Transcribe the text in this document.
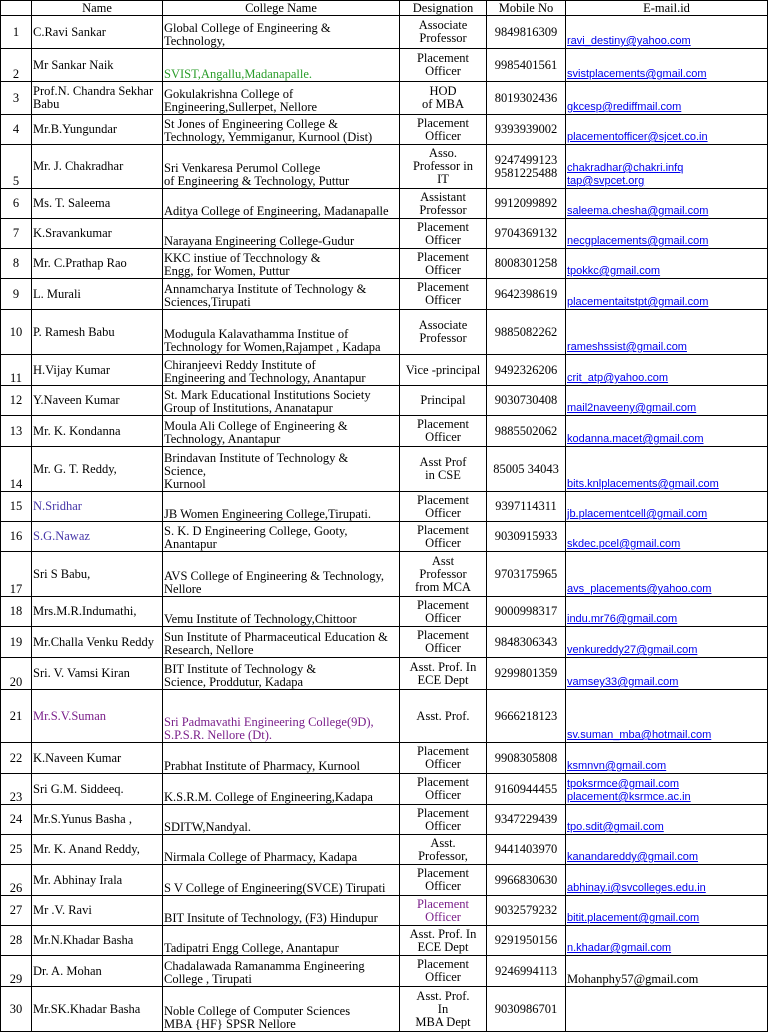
	Name	College Name	Designation	Mobile No	E-mail.id
1	C.Ravi Sankar	Global College of Engineering &
Technology,	Associate
Professor	9849816309	ravi_destiny@yahoo.com

2	Mr Sankar Naik	SVIST,Angallu,Madanapalle.	Placement
Officer	9985401561	svistplacements@gmail.com

3	Prof.N. Chandra Sekhar Babu	Gokulakrishna College of
Engineering,Sullerpet, Nellore	HOD
of MBA	8019302436	gkcesp@rediffmail.com

4	Mr.B.Yungundar	St Jones of Engineering College &
Technology, Yemmiganur, Kurnool (Dist)	Placement
Officer	9393939002	placementofficer@sjcet.co.in

5	Mr. J. Chakradhar	Sri Venkaresa Perumol College
of Engineering & Technology, Puttur	Asso.
Professor in
IT	9247499123
9581225488	chakradhar@chakri.infq
tap@svpcet.org

6	Ms. T. Saleema	Aditya College of Engineering, Madanapalle	Assistant
Professor	9912099892	saleema.chesha@gmail.com

7	K.Sravankumar	Narayana Engineering College-Gudur	Placement
Officer	9704369132	necgplacements@gmail.com

8	Mr. C.Prathap Rao	KKC instiue of Tecchnology &
Engg, for Women, Puttur	Placement
Officer	8008301258	tpokkc@gmail.com

9	L. Murali	Annamcharya Institute of Technology &
Sciences,Tirupati	Placement
Officer	9642398619	placementaitstpt@gmail.com

10	P. Ramesh Babu	Modugula Kalavathamma Institue of
Technology for Women,Rajampet , Kadapa	Associate
Professor	9885082262	rameshssist@gmail.com

11	H.Vijay Kumar	Chiranjeevi Reddy Institute of
Engineering and Technology, Anantapur	Vice -principal	9492326206	crit_atp@yahoo.com

12	Y.Naveen Kumar	St. Mark Educational Institutions Society
Group of Institutions, Ananatapur	Principal	9030730408	mail2naveeny@gmail.com

13	Mr. K. Kondanna	Moula Ali College of Engineering &
Technology, Anantapur	Placement
Officer	9885502062	kodanna.macet@gmail.com

14	Mr. G. T. Reddy,	Brindavan Institute of Technology &
Science,
Kurnool	Asst Prof
in CSE	85005 34043	bits.knlplacements@gmail.com

15	N.Sridhar	JB Women Engineering College,Tirupati.	Placement
Officer	9397114311	jb.placementcell@gmail.com

16	S.G.Nawaz	S. K. D Engineering College, Gooty,
Anantapur	Placement
Officer	9030915933	skdec.pcel@gmail.com

17	Sri S Babu,	AVS College of Engineering & Technology,
Nellore	Asst
Professor
from MCA	9703175965	avs_placements@yahoo.com

18	Mrs.M.R.Indumathi,	Vemu Institute of Technology,Chittoor	Placement
Officer	9000998317	indu.mr76@gmail.com

19	Mr.Challa Venku Reddy	Sun Institute of Pharmaceutical Education &
Research, Nellore	Placement
Officer	9848306343	venkureddy27@gmail.com

20	Sri. V. Vamsi Kiran	BIT Institute of Technology &
Science, Proddutur, Kadapa	Asst. Prof. In
ECE Dept	9299801359	vamsey33@gmail.com

21	Mr.S.V.Suman	Sri Padmavathi Engineering College(9D),
S.P.S.R. Nellore (Dt).	Asst. Prof.	9666218123	sv.suman_mba@hotmail.com

22	K.Naveen Kumar	Prabhat Institute of Pharmacy, Kurnool	Placement
Officer	9908305808	ksmnvn@gmail.com

23	Sri G.M. Siddeeq.	K.S.R.M. College of Engineering,Kadapa	Placement
Officer	9160944455	tpoksrmce@gmail.com
placement@ksrmce.ac.in

24	Mr.S.Yunus Basha ,	SDITW,Nandyal.	Placement
Officer	9347229439	tpo.sdit@gmail.com

25	Mr. K. Anand Reddy,	Nirmala College of Pharmacy, Kadapa	Asst.
Professor,	9441403970	kanandareddy@gmail.com

26	Mr. Abhinay Irala	S V College of Engineering(SVCE) Tirupati	Placement
Officer	9966830630	abhinay.i@svcolleges.edu.in

27	Mr .V. Ravi	BIT Insitute of Technology, (F3) Hindupur	Placement
Officer	9032579232	bitit.placement@gmail.com

28	Mr.N.Khadar Basha	Tadipatri Engg College, Anantapur	Asst. Prof. In
ECE Dept	9291950156	n.khadar@gmail.com

29	Dr. A. Mohan	Chadalawada Ramanamma Engineering
College , Tirupati	Placement
Officer	9246994113	Mohanphy57@gmail.com

30	Mr.SK.Khadar Basha	Noble College of Computer Sciences
MBA {HF} SPSR Nellore	Asst. Prof.
In
MBA Dept	9030986701	
